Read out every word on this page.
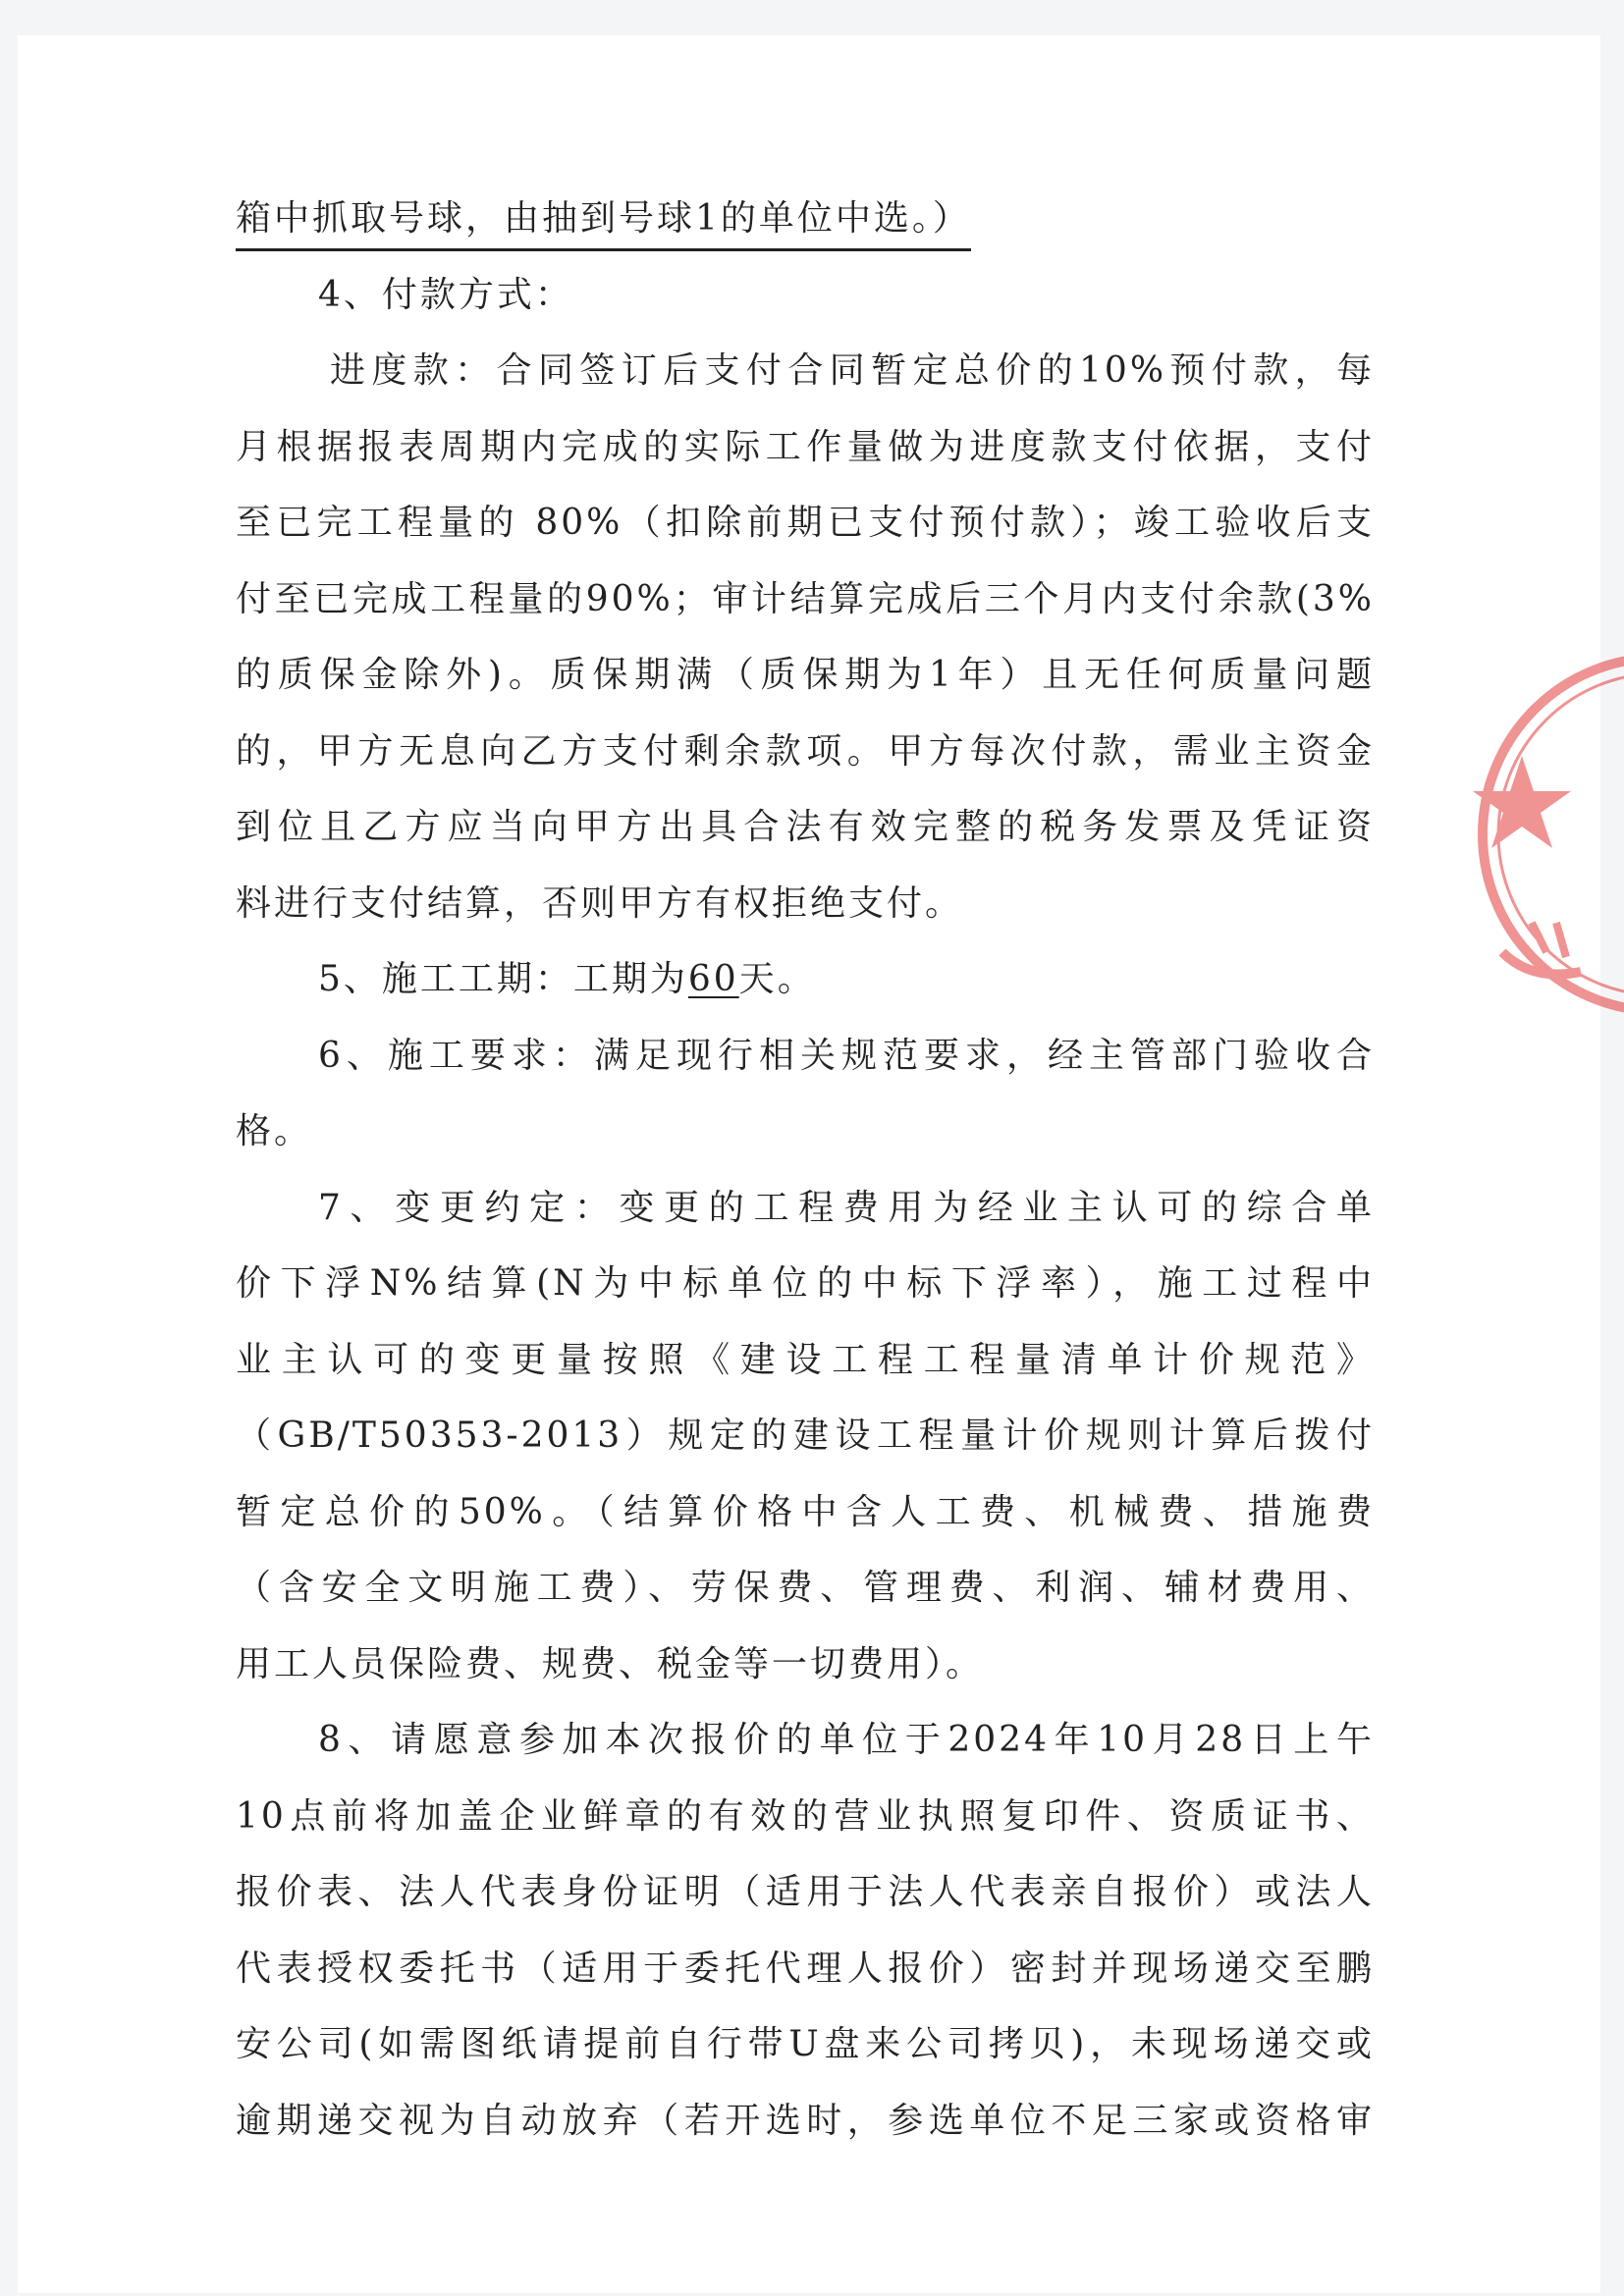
箱中抓取号球，由抽到号球1的单位中选。）
4、付款方式：
进度款：合同签订后支付合同暂定总价的10%预付款，每
月根据报表周期内完成的实际工作量做为进度款支付依据，支付
至已完工程量的 80%（扣除前期已支付预付款）；竣工验收后支
付至已完成工程量的90%；审计结算完成后三个月内支付余款(3%
的质保金除外)。质保期满（质保期为1年）且无任何质量问题
的，甲方无息向乙方支付剩余款项。甲方每次付款，需业主资金
到位且乙方应当向甲方出具合法有效完整的税务发票及凭证资
料进行支付结算，否则甲方有权拒绝支付。
5、施工工期：工期为60天。
6、施工要求：满足现行相关规范要求，经主管部门验收合
格。
7、变更约定：变更的工程费用为经业主认可的综合单
价下浮N%结算(N为中标单位的中标下浮率），施工过程中
业主认可的变更量按照《建设工程工程量清单计价规范》
（GB/T50353-2013）规定的建设工程量计价规则计算后拨付
暂定总价的50%。（结算价格中含人工费、机械费、措施费
（含安全文明施工费）、劳保费、管理费、利润、辅材费用、
用工人员保险费、规费、税金等一切费用）。
8、请愿意参加本次报价的单位于2024年10月28日上午
10点前将加盖企业鲜章的有效的营业执照复印件、资质证书、
报价表、法人代表身份证明（适用于法人代表亲自报价）或法人
代表授权委托书（适用于委托代理人报价）密封并现场递交至鹏
安公司(如需图纸请提前自行带U盘来公司拷贝)，未现场递交或
逾期递交视为自动放弃（若开选时，参选单位不足三家或资格审
